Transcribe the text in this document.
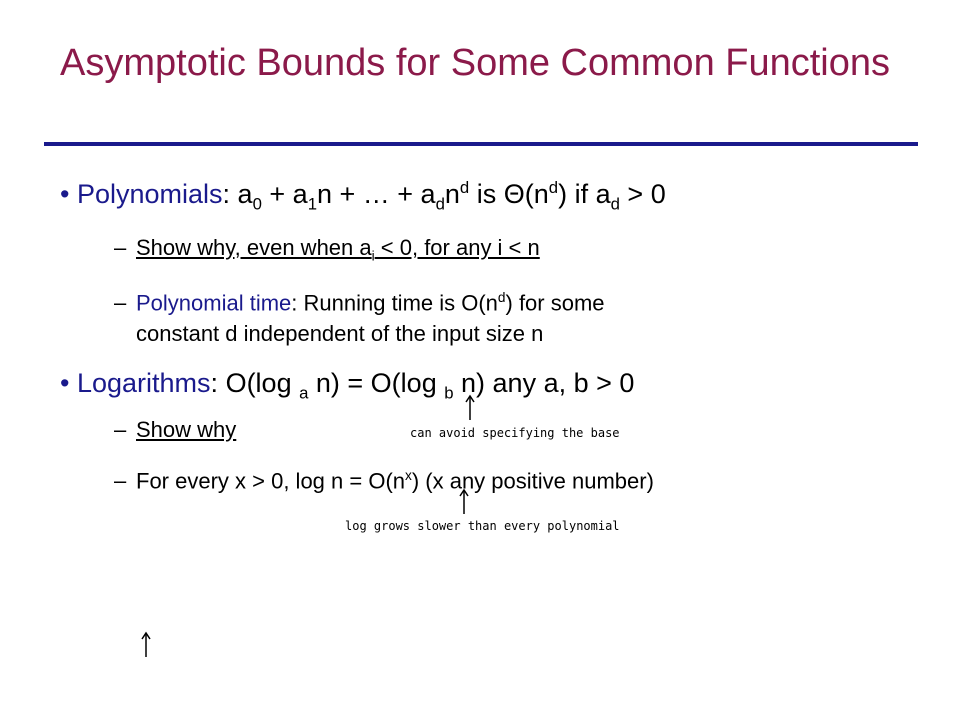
Asymptotic Bounds for Some Common Functions
• Polynomials: $a_0 + a_1n$ + … + $a_dn^d$ is $\Theta(n^d)$ if $a_d > 0$
– Show why, even when $a_i < 0$, for any i < n
– Polynomial time: Running time is $O(n^d)$ for some
constant d independent of the input size n
• Logarithms: O(log $_a$ n) = O(log $_b$ n) any a, b > 0
– Show why
– For every x > 0, $\log n = O(n^x)$ (x any positive number)
can avoid specifying the base
log grows slower than every polynomial
